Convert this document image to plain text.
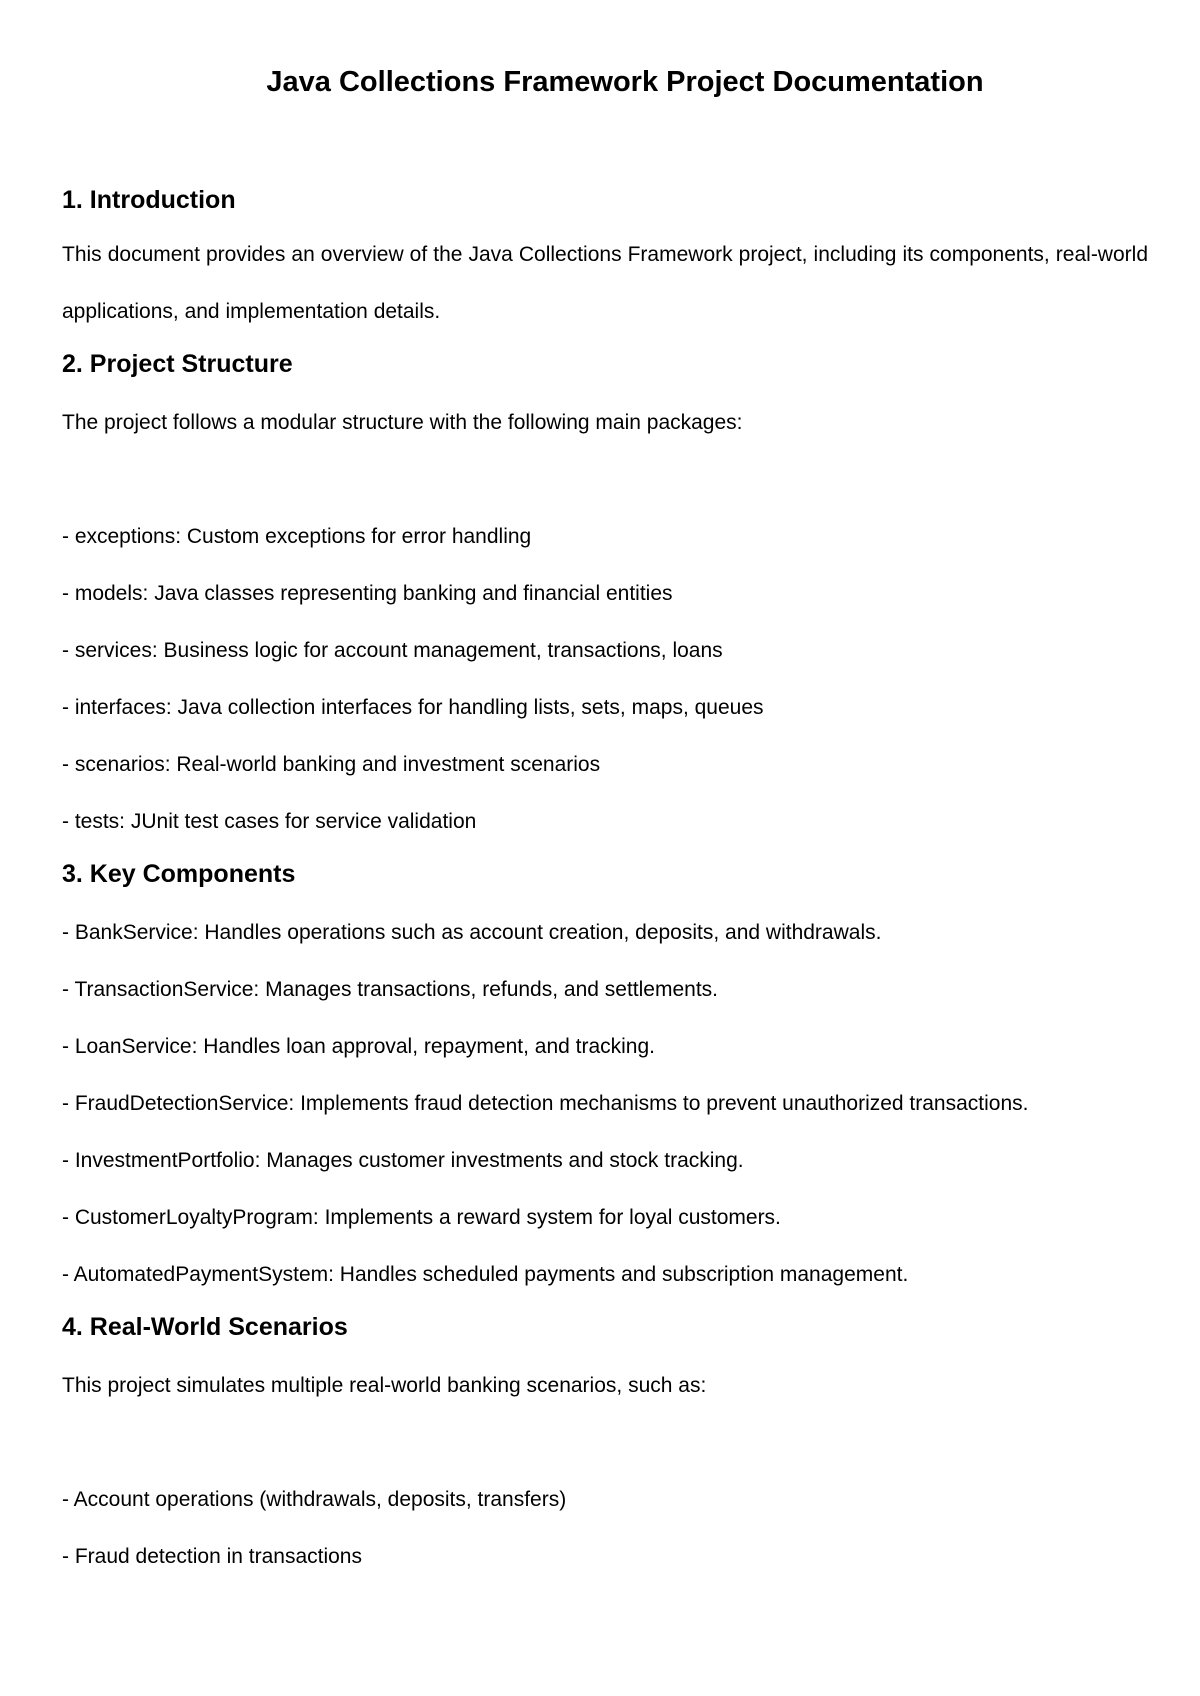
Java Collections Framework Project Documentation
1. Introduction

This document provides an overview of the Java Collections Framework project, including its components, real-world applications, and implementation details.

2. Project Structure

The project follows a modular structure with the following main packages:

- exceptions: Custom exceptions for error handling
- models: Java classes representing banking and financial entities
- services: Business logic for account management, transactions, loans
- interfaces: Java collection interfaces for handling lists, sets, maps, queues
- scenarios: Real-world banking and investment scenarios
- tests: JUnit test cases for service validation
3. Key Components
- BankService: Handles operations such as account creation, deposits, and withdrawals.
- TransactionService: Manages transactions, refunds, and settlements.
- LoanService: Handles loan approval, repayment, and tracking.
- FraudDetectionService: Implements fraud detection mechanisms to prevent unauthorized transactions.
- InvestmentPortfolio: Manages customer investments and stock tracking.
- CustomerLoyaltyProgram: Implements a reward system for loyal customers.
- AutomatedPaymentSystem: Handles scheduled payments and subscription management.
4. Real-World Scenarios

This project simulates multiple real-world banking scenarios, such as:

- Account operations (withdrawals, deposits, transfers)
- Fraud detection in transactions
